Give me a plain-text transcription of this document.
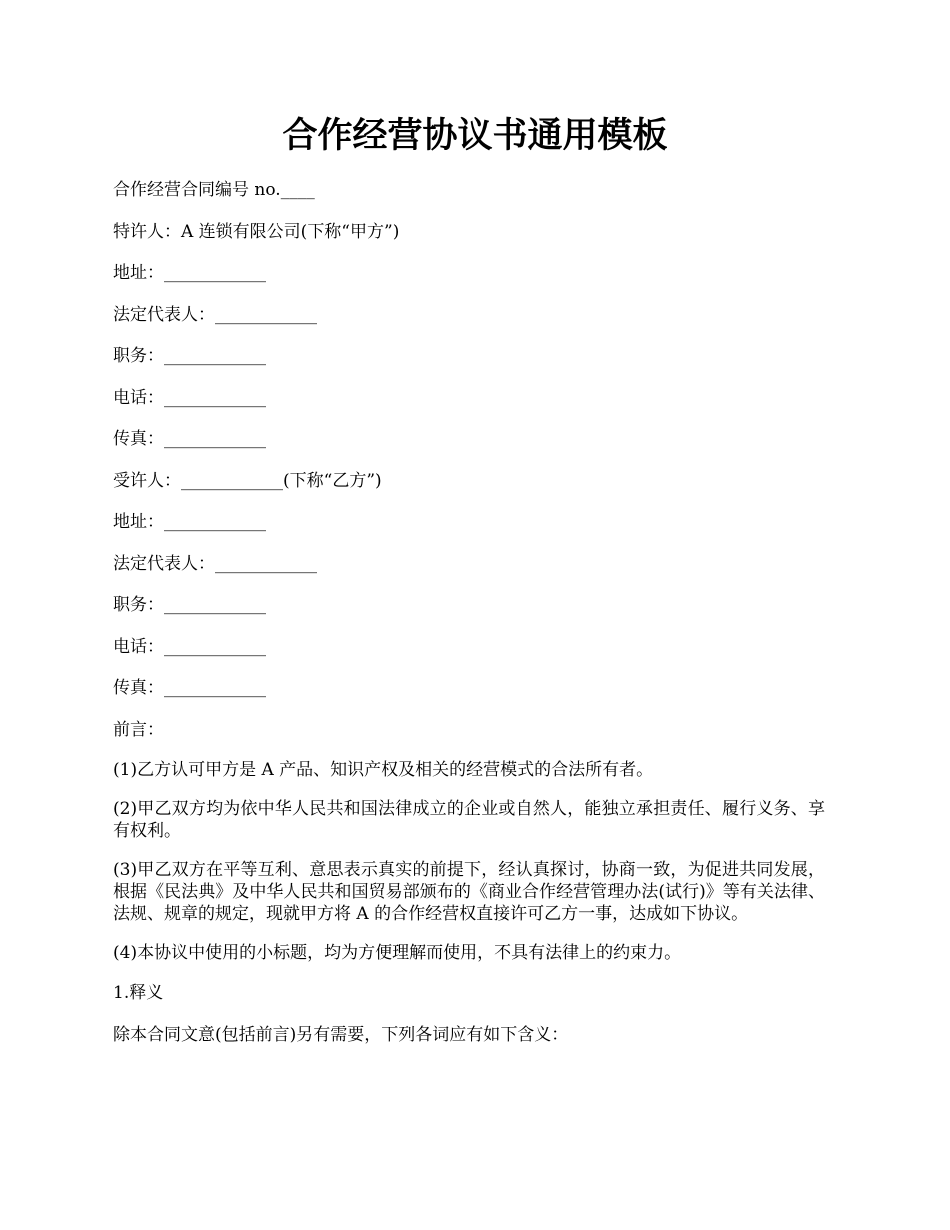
合作经营协议书通用模板

合作经营合同编号 no.____

特许人：A 连锁有限公司(下称“甲方”)

地址：____________

法定代表人：____________

职务：____________

电话：____________

传真：____________

受许人：____________(下称“乙方”)

地址：____________

法定代表人：____________

职务：____________

电话：____________

传真：____________

前言：

(1)乙方认可甲方是 A 产品、知识产权及相关的经营模式的合法所有者。

(2)甲乙双方均为依中华人民共和国法律成立的企业或自然人，能独立承担责任、履行义务、享有权利。

(3)甲乙双方在平等互利、意思表示真实的前提下，经认真探讨，协商一致，为促进共同发展，根据《民法典》及中华人民共和国贸易部颁布的《商业合作经营管理办法(试行)》等有关法律、法规、规章的规定，现就甲方将 A 的合作经营权直接许可乙方一事，达成如下协议。

(4)本协议中使用的小标题，均为方便理解而使用，不具有法律上的约束力。

1.释义

除本合同文意(包括前言)另有需要，下列各词应有如下含义：
